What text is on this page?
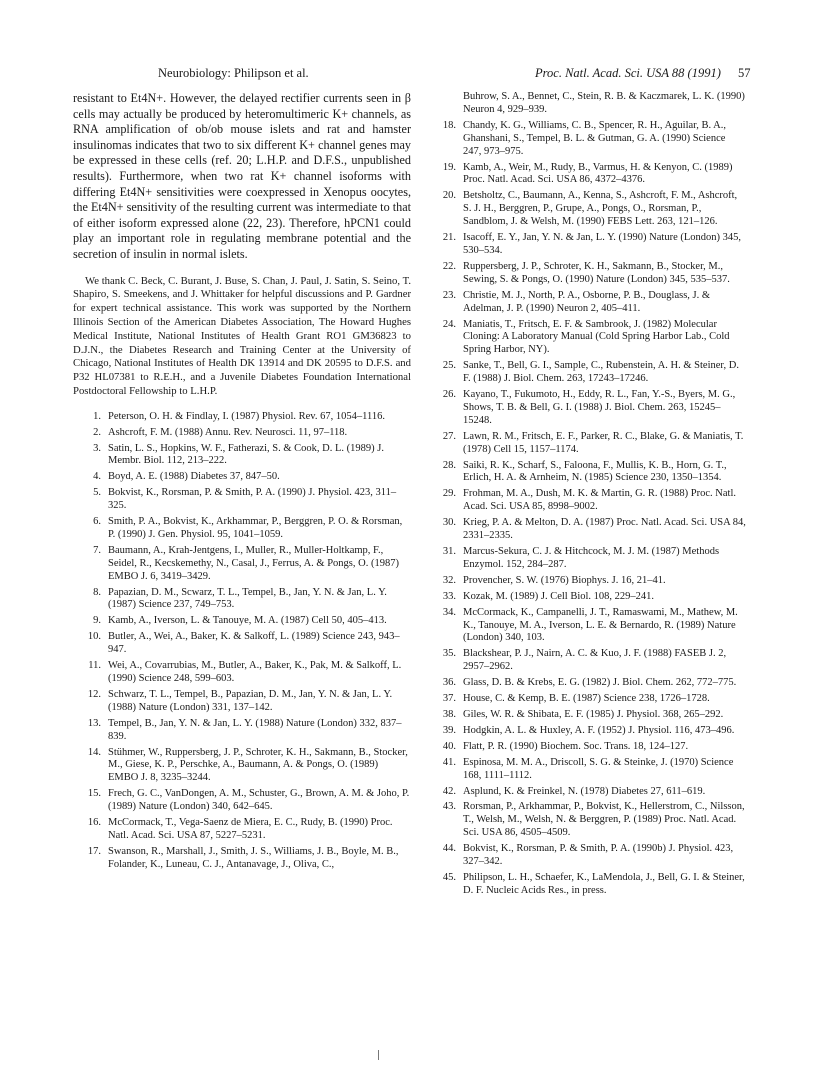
Neurobiology: Philipson et al.	Proc. Natl. Acad. Sci. USA 88 (1991) 57

resistant to Et4N+. However, the delayed rectifier currents seen in β cells may actually be produced by heteromultimeric K+ channels, as RNA amplification of ob/ob mouse islets and rat and hamster insulinomas indicates that two to six different K+ channel genes may be expressed in these cells (ref. 20; L.H.P. and D.F.S., unpublished results). Furthermore, when two rat K+ channel isoforms with differing Et4N+ sensitivities were coexpressed in Xenopus oocytes, the Et4N+ sensitivity of the resulting current was intermediate to that of either isoform expressed alone (22, 23). Therefore, hPCN1 could play an important role in regulating membrane potential and the secretion of insulin in normal islets.

We thank C. Beck, C. Burant, J. Buse, S. Chan, J. Paul, J. Satin, S. Seino, T. Shapiro, S. Smeekens, and J. Whittaker for helpful discussions and P. Gardner for expert technical assistance. This work was supported by the Northern Illinois Section of the American Diabetes Association, The Howard Hughes Medical Institute, National Institutes of Health Grant RO1 GM36823 to D.J.N., the Diabetes Research and Training Center at the University of Chicago, National Institutes of Health DK 13914 and DK 20595 to D.F.S. and P32 HL07381 to R.E.H., and a Juvenile Diabetes Foundation International Postdoctoral Fellowship to L.H.P.

1. Peterson, O. H. & Findlay, I. (1987) Physiol. Rev. 67, 1054–1116.
2. Ashcroft, F. M. (1988) Annu. Rev. Neurosci. 11, 97–118.
3. Satin, L. S., Hopkins, W. F., Fatherazi, S. & Cook, D. L. (1989) J. Membr. Biol. 112, 213–222.
4. Boyd, A. E. (1988) Diabetes 37, 847–50.
5. Bokvist, K., Rorsman, P. & Smith, P. A. (1990) J. Physiol. 423, 311–325.
6. Smith, P. A., Bokvist, K., Arkhammar, P., Berggren, P. O. & Rorsman, P. (1990) J. Gen. Physiol. 95, 1041–1059.
7. Baumann, A., Krah-Jentgens, I., Muller, R., Muller-Holtkamp, F., Seidel, R., Kecskemethy, N., Casal, J., Ferrus, A. & Pongs, O. (1987) EMBO J. 6, 3419–3429.
8. Papazian, D. M., Scwarz, T. L., Tempel, B., Jan, Y. N. & Jan, L. Y. (1987) Science 237, 749–753.
9. Kamb, A., Iverson, L. & Tanouye, M. A. (1987) Cell 50, 405–413.
10. Butler, A., Wei, A., Baker, K. & Salkoff, L. (1989) Science 243, 943–947.
11. Wei, A., Covarrubias, M., Butler, A., Baker, K., Pak, M. & Salkoff, L. (1990) Science 248, 599–603.
12. Schwarz, T. L., Tempel, B., Papazian, D. M., Jan, Y. N. & Jan, L. Y. (1988) Nature (London) 331, 137–142.
13. Tempel, B., Jan, Y. N. & Jan, L. Y. (1988) Nature (London) 332, 837–839.
14. Stühmer, W., Ruppersberg, J. P., Schroter, K. H., Sakmann, B., Stocker, M., Giese, K. P., Perschke, A., Baumann, A. & Pongs, O. (1989) EMBO J. 8, 3235–3244.
15. Frech, G. C., VanDongen, A. M., Schuster, G., Brown, A. M. & Joho, P. (1989) Nature (London) 340, 642–645.
16. McCormack, T., Vega-Saenz de Miera, E. C., Rudy, B. (1990) Proc. Natl. Acad. Sci. USA 87, 5227–5231.
17. Swanson, R., Marshall, J., Smith, J. S., Williams, J. B., Boyle, M. B., Folander, K., Luneau, C. J., Antanavage, J., Oliva, C.,
Buhrow, S. A., Bennet, C., Stein, R. B. & Kaczmarek, L. K. (1990) Neuron 4, 929–939.
18. Chandy, K. G., Williams, C. B., Spencer, R. H., Aguilar, B. A., Ghanshani, S., Tempel, B. L. & Gutman, G. A. (1990) Science 247, 973–975.
19. Kamb, A., Weir, M., Rudy, B., Varmus, H. & Kenyon, C. (1989) Proc. Natl. Acad. Sci. USA 86, 4372–4376.
20. Betsholtz, C., Baumann, A., Kenna, S., Ashcroft, F. M., Ashcroft, S. J. H., Berggren, P., Grupe, A., Pongs, O., Rorsman, P., Sandblom, J. & Welsh, M. (1990) FEBS Lett. 263, 121–126.
21. Isacoff, E. Y., Jan, Y. N. & Jan, L. Y. (1990) Nature (London) 345, 530–534.
22. Ruppersberg, J. P., Schroter, K. H., Sakmann, B., Stocker, M., Sewing, S. & Pongs, O. (1990) Nature (London) 345, 535–537.
23. Christie, M. J., North, P. A., Osborne, P. B., Douglass, J. & Adelman, J. P. (1990) Neuron 2, 405–411.
24. Maniatis, T., Fritsch, E. F. & Sambrook, J. (1982) Molecular Cloning: A Laboratory Manual (Cold Spring Harbor Lab., Cold Spring Harbor, NY).
25. Sanke, T., Bell, G. I., Sample, C., Rubenstein, A. H. & Steiner, D. F. (1988) J. Biol. Chem. 263, 17243–17246.
26. Kayano, T., Fukumoto, H., Eddy, R. L., Fan, Y.-S., Byers, M. G., Shows, T. B. & Bell, G. I. (1988) J. Biol. Chem. 263, 15245–15248.
27. Lawn, R. M., Fritsch, E. F., Parker, R. C., Blake, G. & Maniatis, T. (1978) Cell 15, 1157–1174.
28. Saiki, R. K., Scharf, S., Faloona, F., Mullis, K. B., Horn, G. T., Erlich, H. A. & Arnheim, N. (1985) Science 230, 1350–1354.
29. Frohman, M. A., Dush, M. K. & Martin, G. R. (1988) Proc. Natl. Acad. Sci. USA 85, 8998–9002.
30. Krieg, P. A. & Melton, D. A. (1987) Proc. Natl. Acad. Sci. USA 84, 2331–2335.
31. Marcus-Sekura, C. J. & Hitchcock, M. J. M. (1987) Methods Enzymol. 152, 284–287.
32. Provencher, S. W. (1976) Biophys. J. 16, 21–41.
33. Kozak, M. (1989) J. Cell Biol. 108, 229–241.
34. McCormack, K., Campanelli, J. T., Ramaswami, M., Mathew, M. K., Tanouye, M. A., Iverson, L. E. & Bernardo, R. (1989) Nature (London) 340, 103.
35. Blackshear, P. J., Nairn, A. C. & Kuo, J. F. (1988) FASEB J. 2, 2957–2962.
36. Glass, D. B. & Krebs, E. G. (1982) J. Biol. Chem. 262, 772–775.
37. House, C. & Kemp, B. E. (1987) Science 238, 1726–1728.
38. Giles, W. R. & Shibata, E. F. (1985) J. Physiol. 368, 265–292.
39. Hodgkin, A. L. & Huxley, A. F. (1952) J. Physiol. 116, 473–496.
40. Flatt, P. R. (1990) Biochem. Soc. Trans. 18, 124–127.
41. Espinosa, M. M. A., Driscoll, S. G. & Steinke, J. (1970) Science 168, 1111–1112.
42. Asplund, K. & Freinkel, N. (1978) Diabetes 27, 611–619.
43. Rorsman, P., Arkhammar, P., Bokvist, K., Hellerstrom, C., Nilsson, T., Welsh, M., Welsh, N. & Berggren, P. (1989) Proc. Natl. Acad. Sci. USA 86, 4505–4509.
44. Bokvist, K., Rorsman, P. & Smith, P. A. (1990b) J. Physiol. 423, 327–342.
45. Philipson, L. H., Schaefer, K., LaMendola, J., Bell, G. I. & Steiner, D. F. Nucleic Acids Res., in press.
